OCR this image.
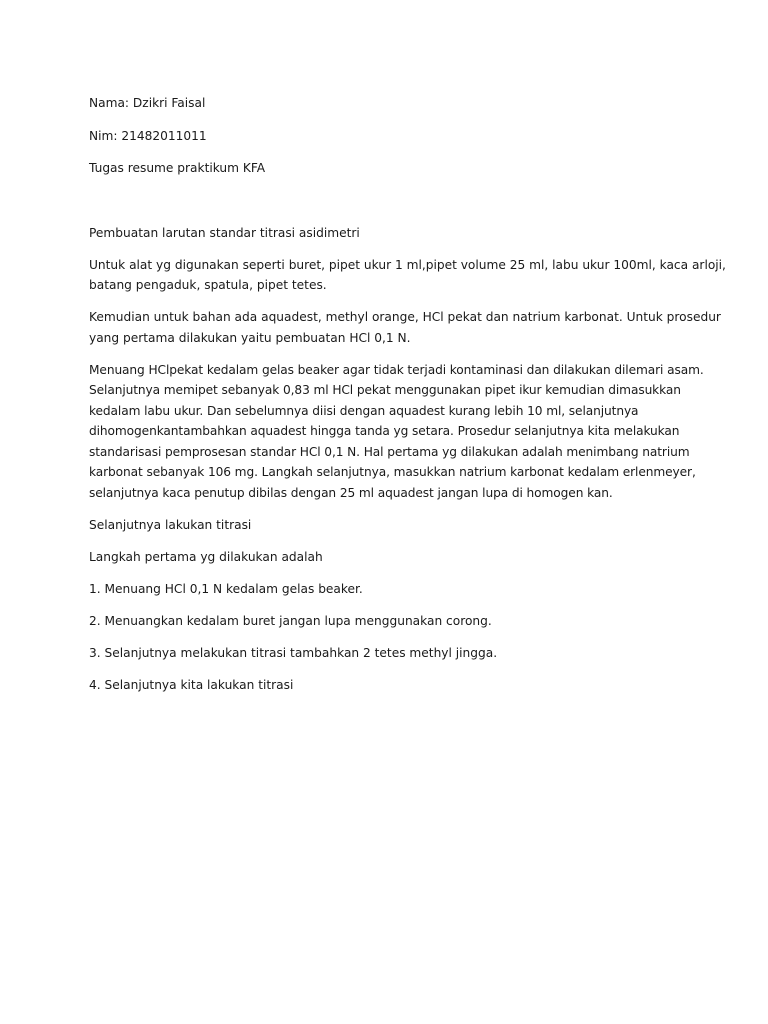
Nama: Dzikri Faisal

Nim: 21482011011

Tugas resume praktikum KFA

Pembuatan larutan standar titrasi asidimetri

Untuk alat yg digunakan seperti buret, pipet ukur 1 ml,pipet volume 25 ml, labu ukur 100ml, kaca arloji,
batang pengaduk, spatula, pipet tetes.
Kemudian untuk bahan ada aquadest, methyl orange, HCl pekat dan natrium karbonat. Untuk prosedur
yang pertama dilakukan yaitu pembuatan HCl 0,1 N.
Menuang HClpekat kedalam gelas beaker agar tidak terjadi kontaminasi dan dilakukan dilemari asam.
Selanjutnya memipet sebanyak 0,83 ml HCl pekat menggunakan pipet ikur kemudian dimasukkan
kedalam labu ukur. Dan sebelumnya diisi dengan aquadest kurang lebih 10 ml, selanjutnya
dihomogenkantambahkan aquadest hingga tanda yg setara. Prosedur selanjutnya kita melakukan
standarisasi pemprosesan standar HCl 0,1 N. Hal pertama yg dilakukan adalah menimbang natrium
karbonat sebanyak 106 mg. Langkah selanjutnya, masukkan natrium karbonat kedalam erlenmeyer,
selanjutnya kaca penutup dibilas dengan 25 ml aquadest jangan lupa di homogen kan.

Selanjutnya lakukan titrasi

Langkah pertama yg dilakukan adalah

1. Menuang HCl 0,1 N kedalam gelas beaker.

2. Menuangkan kedalam buret jangan lupa menggunakan corong.

3. Selanjutnya melakukan titrasi tambahkan 2 tetes methyl jingga.

4. Selanjutnya kita lakukan titrasi
